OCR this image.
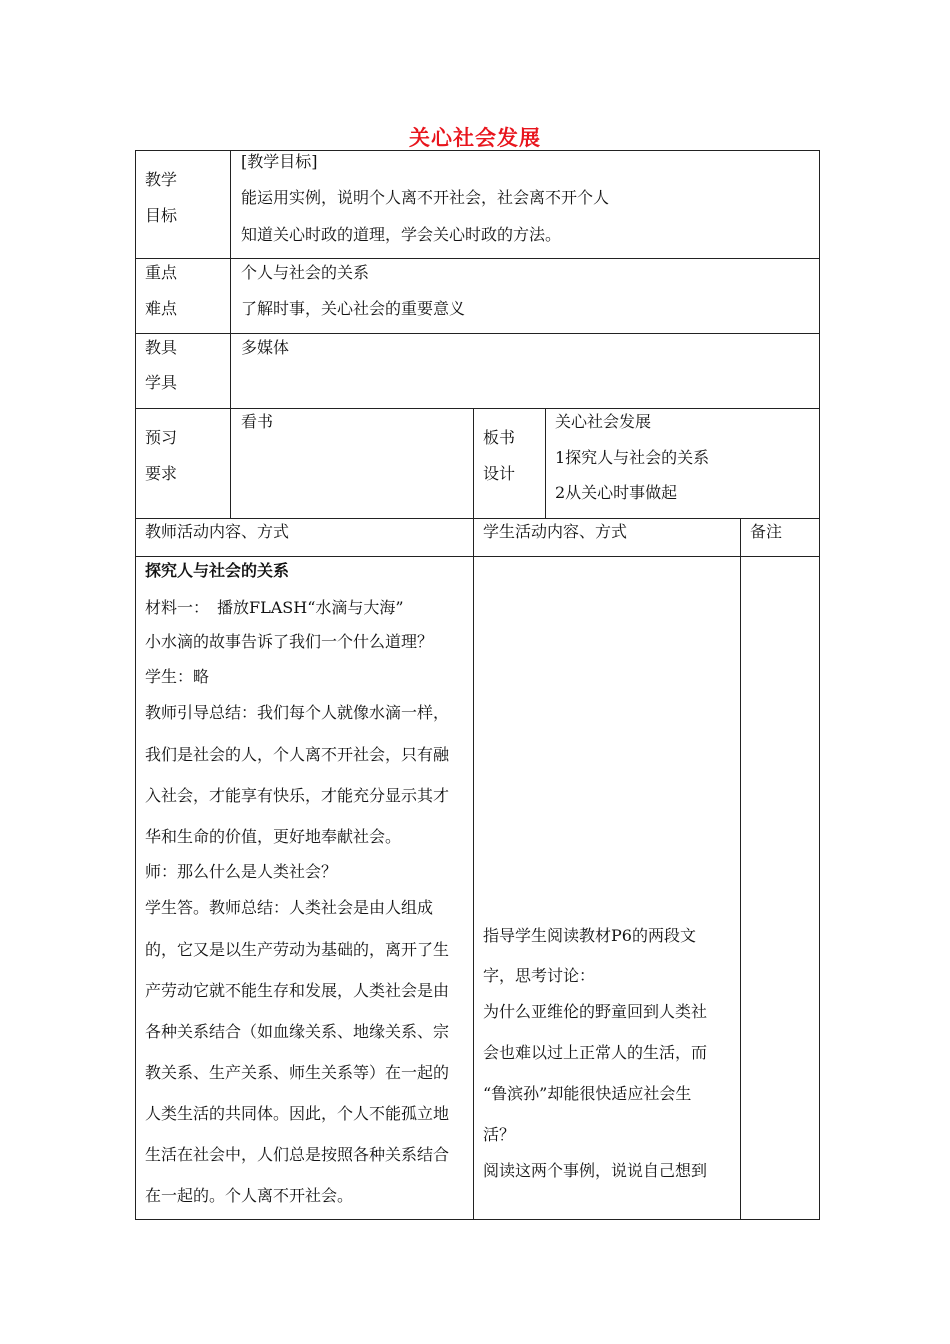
关心社会发展
教学
目标
[教学目标]
能运用实例，说明个人离不开社会，社会离不开个人
知道关心时政的道理，学会关心时政的方法。
重点
难点
个人与社会的关系
了解时事，关心社会的重要意义
教具
学具
多媒体
预习
要求
看书
板书
设计
关心社会发展
1探究人与社会的关系
2从关心时事做起
教师活动内容、方式	学生活动内容、方式	备注
探究人与社会的关系
材料一：　播放FLASH“水滴与大海”
小水滴的故事告诉了我们一个什么道理？
学生：略
教师引导总结：我们每个人就像水滴一样，
我们是社会的人，个人离不开社会，只有融
入社会，才能享有快乐，才能充分显示其才
华和生命的价值，更好地奉献社会。
师：那么什么是人类社会？
学生答。教师总结：人类社会是由人组成
的，它又是以生产劳动为基础的，离开了生
产劳动它就不能生存和发展，人类社会是由
各种关系结合（如血缘关系、地缘关系、宗
教关系、生产关系、师生关系等）在一起的
人类生活的共同体。因此，个人不能孤立地
生活在社会中，人们总是按照各种关系结合
在一起的。个人离不开社会。
指导学生阅读教材P6的两段文
字，思考讨论：
为什么亚维伦的野童回到人类社
会也难以过上正常人的生活，而
“鲁滨孙”却能很快适应社会生
活？
阅读这两个事例，说说自己想到
